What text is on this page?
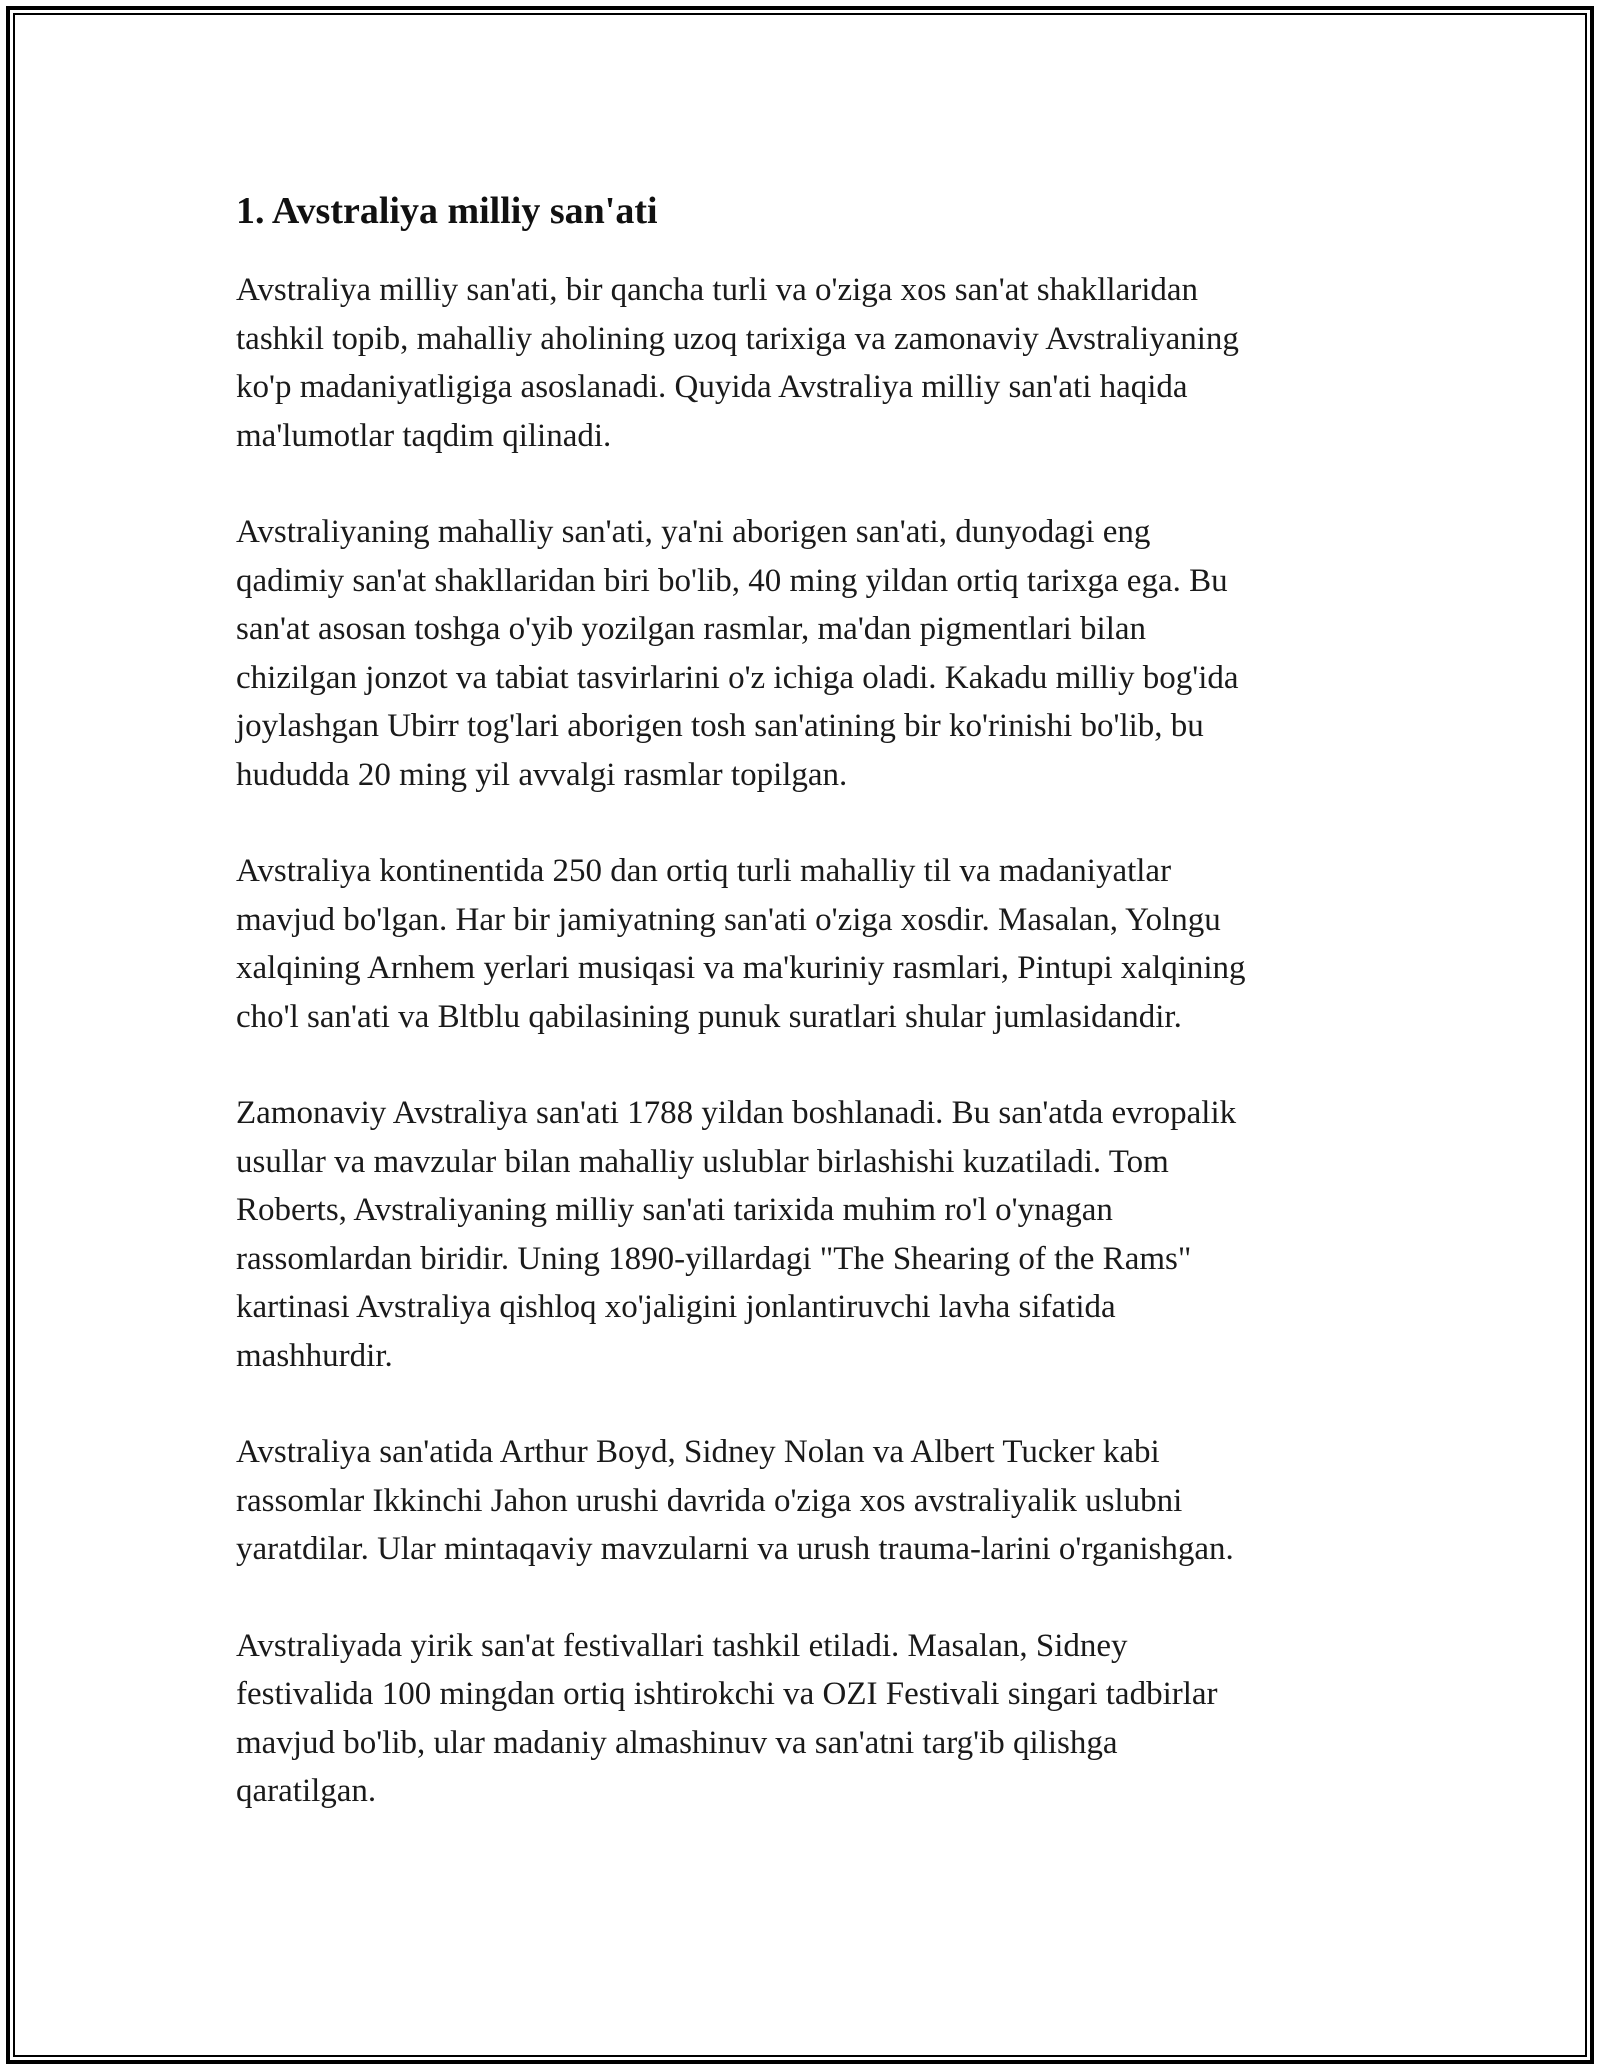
1. Avstraliya milliy san'ati

Avstraliya milliy san'ati, bir qancha turli va o'ziga xos san'at shakllaridan
tashkil topib, mahalliy aholining uzoq tarixiga va zamonaviy Avstraliyaning
ko'p madaniyatligiga asoslanadi. Quyida Avstraliya milliy san'ati haqida
ma'lumotlar taqdim qilinadi.

Avstraliyaning mahalliy san'ati, ya'ni aborigen san'ati, dunyodagi eng
qadimiy san'at shakllaridan biri bo'lib, 40 ming yildan ortiq tarixga ega. Bu
san'at asosan toshga o'yib yozilgan rasmlar, ma'dan pigmentlari bilan
chizilgan jonzot va tabiat tasvirlarini o'z ichiga oladi. Kakadu milliy bog'ida
joylashgan Ubirr tog'lari aborigen tosh san'atining bir ko'rinishi bo'lib, bu
hududda 20 ming yil avvalgi rasmlar topilgan.

Avstraliya kontinentida 250 dan ortiq turli mahalliy til va madaniyatlar
mavjud bo'lgan. Har bir jamiyatning san'ati o'ziga xosdir. Masalan, Yolngu
xalqining Arnhem yerlari musiqasi va ma'kuriniy rasmlari, Pintupi xalqining
cho'l san'ati va Bltblu qabilasining punuk suratlari shular jumlasidandir.

Zamonaviy Avstraliya san'ati 1788 yildan boshlanadi. Bu san'atda evropalik
usullar va mavzular bilan mahalliy uslublar birlashishi kuzatiladi. Tom
Roberts, Avstraliyaning milliy san'ati tarixida muhim ro'l o'ynagan
rassomlardan biridir. Uning 1890-yillardagi "The Shearing of the Rams"
kartinasi Avstraliya qishloq xo'jaligini jonlantiruvchi lavha sifatida
mashhurdir.

Avstraliya san'atida Arthur Boyd, Sidney Nolan va Albert Tucker kabi
rassomlar Ikkinchi Jahon urushi davrida o'ziga xos avstraliyalik uslubni
yaratdilar. Ular mintaqaviy mavzularni va urush trauma-larini o'rganishgan.

Avstraliyada yirik san'at festivallari tashkil etiladi. Masalan, Sidney
festivalida 100 mingdan ortiq ishtirokchi va OZI Festivali singari tadbirlar
mavjud bo'lib, ular madaniy almashinuv va san'atni targ'ib qilishga
qaratilgan.
